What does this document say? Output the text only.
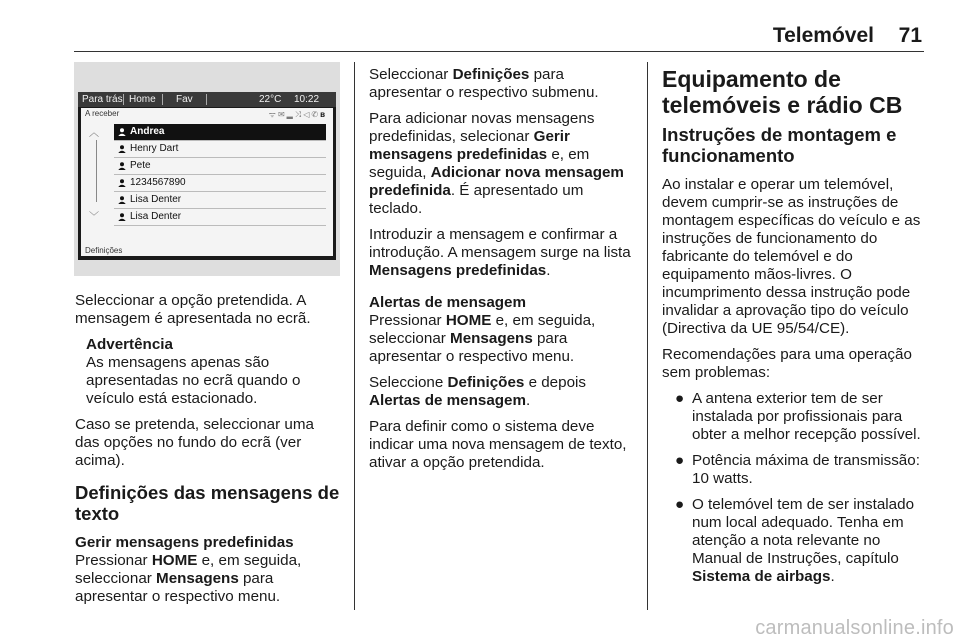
Telemóvel 71
Para trás Home Fav	22°C 10:22
A receber	ᯤ✉▂⤨◁✆ʙ
︿
﹀
Andrea
Henry Dart
Pete
1234567890
Lisa Denter
Lisa Denter
Definições

Seleccionar a opção pretendida. A mensagem é apresentada no ecrã.

Advertência
As mensagens apenas são apresentadas no ecrã quando o veículo está estacionado.

Caso se pretenda, seleccionar uma das opções no fundo do ecrã (ver acima).

Definições das mensagens de texto
Gerir mensagens predefinidas

Pressionar HOME e, em seguida, seleccionar Mensagens para apresentar o respectivo menu.

Seleccionar Definições para apresentar o respectivo submenu.

Para adicionar novas mensagens predefinidas, selecionar Gerir mensagens predefinidas e, em seguida, Adicionar nova mensagem predefinida. É apresentado um teclado.

Introduzir a mensagem e confirmar a introdução. A mensagem surge na lista Mensagens predefinidas.

Alertas de mensagem

Pressionar HOME e, em seguida, seleccionar Mensagens para apresentar o respectivo menu.

Seleccione Definições e depois Alertas de mensagem.

Para definir como o sistema deve indicar uma nova mensagem de texto, ativar a opção pretendida.

Equipamento de telemóveis e rádio CB
Instruções de montagem e funcionamento

Ao instalar e operar um telemóvel, devem cumprir-se as instruções de montagem específicas do veículo e as instruções de funcionamento do fabricante do telemóvel e do equipamento mãos-livres. O incumprimento dessa instrução pode invalidar a aprovação tipo do veículo (Directiva da UE 95/54/CE).

Recomendações para uma operação sem problemas:

● A antena exterior tem de ser instalada por profissionais para obter a melhor recepção possível.
● Potência máxima de transmissão: 10 watts.
● O telemóvel tem de ser instalado num local adequado. Tenha em atenção a nota relevante no Manual de Instruções, capítulo Sistema de airbags.
carmanualsonline.info
